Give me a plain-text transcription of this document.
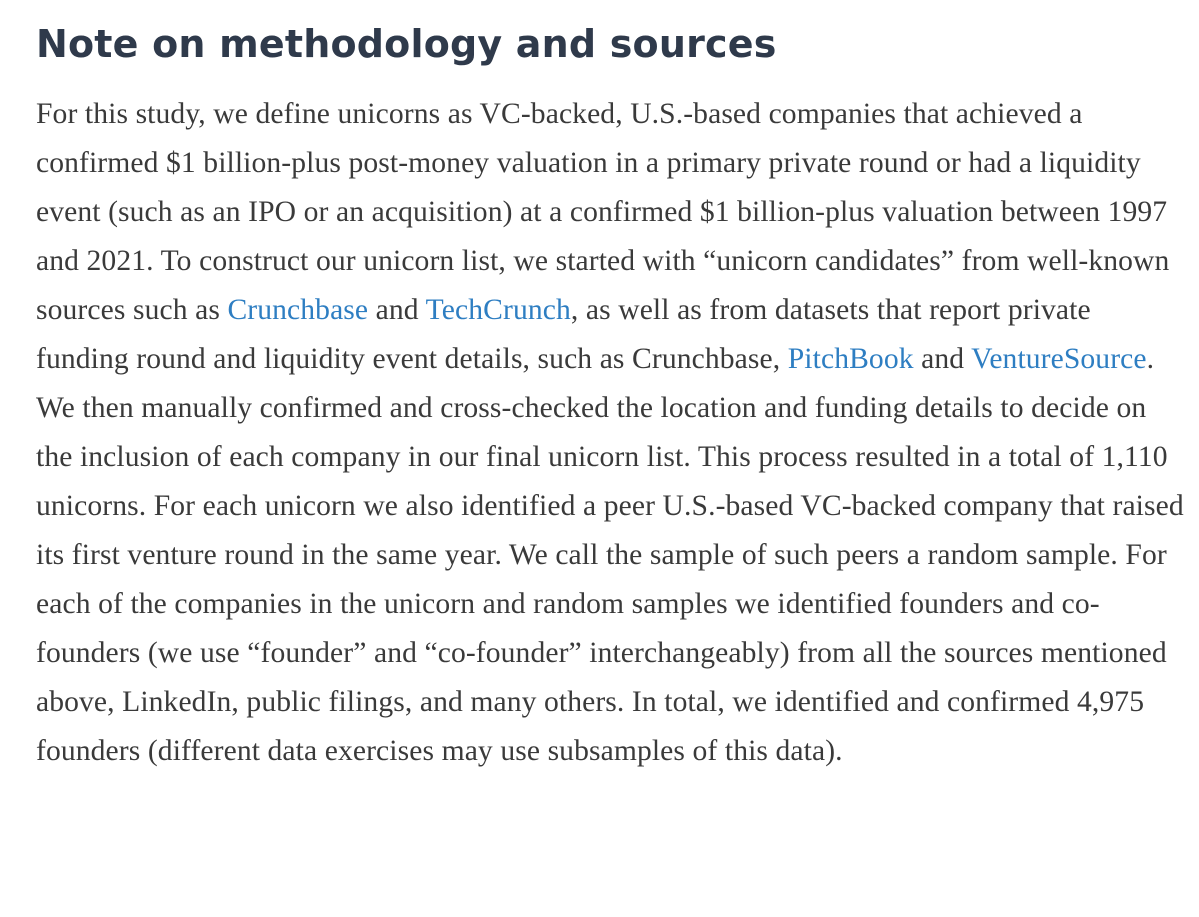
Note on methodology and sources

For this study, we define unicorns as VC-backed, U.S.-based companies that achieved a confirmed $1 billion-plus post-money valuation in a primary private round or had a liquidity event (such as an IPO or an acquisition) at a confirmed $1 billion-plus valuation between 1997 and 2021. To construct our unicorn list, we started with “unicorn candidates” from well-known sources such as Crunchbase and TechCrunch, as well as from datasets that report private funding round and liquidity event details, such as Crunchbase, PitchBook and VentureSource. We then manually confirmed and cross-checked the location and funding details to decide on the inclusion of each company in our final unicorn list. This process resulted in a total of 1,110 unicorns. For each unicorn we also identified a peer U.S.-based VC-backed company that raised its first venture round in the same year. We call the sample of such peers a random sample. For each of the companies in the unicorn and random samples we identified founders and co-founders (we use “founder” and “co-founder” interchangeably) from all the sources mentioned above, LinkedIn, public filings, and many others. In total, we identified and confirmed 4,975 founders (different data exercises may use subsamples of this data).
